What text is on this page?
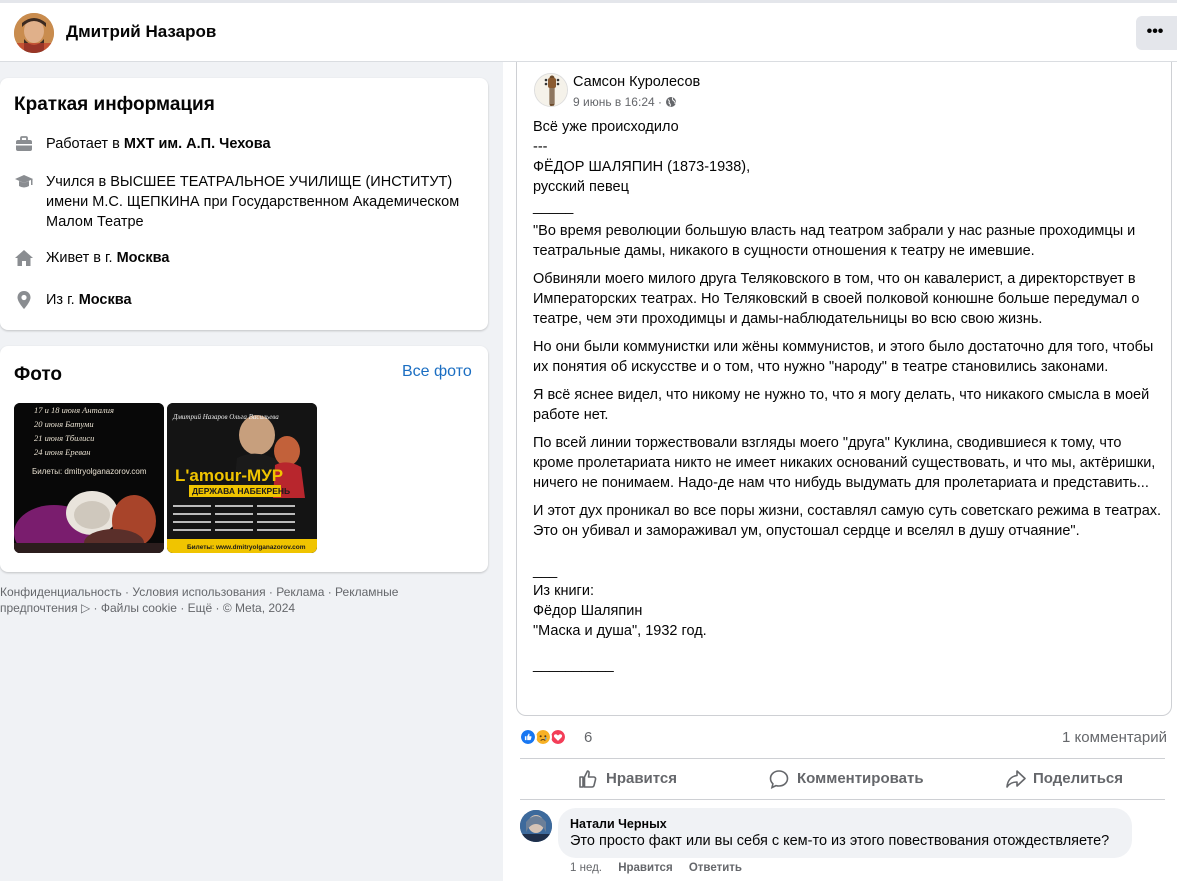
Дмитрий Назаров	•••
Краткая информация
Работает в МХТ им. А.П. Чехова
Учился в ВЫСШЕЕ ТЕАТРАЛЬНОЕ УЧИЛИЩЕ (ИНСТИТУТ) имени М.С. ЩЕПКИНА при Государственном Академическом Малом Театре
Живет в г. Москва
Из г. Москва
Фото	Все фото
17 и 18 июня Анталия
20 июня Батуми
21 июня Тбилиси
24 июня Ереван
Билеты: dmitryolganazorov.com
Дмитрий Назаров Ольга Васильева
L'amour-МУР
ДЕРЖАВА НАБЕКРЕНЬ
Билеты: www.dmitryolganazorov.com
Конфиденциальность · Условия использования · Реклама · Рекламные предпочтения ▷ · Файлы cookie · Ещё · © Meta, 2024
Самсон Куролесов
9 июнь в 16:24 ·

Всё уже происходило

---

ФЁДОР ШАЛЯПИН (1873-1938),

русский певец

_____

"Во время революции большую власть над театром забрали у нас разные проходимцы и театральные дамы, никакого в сущности отношения к театру не имевшие.

Обвиняли моего милого друга Теляковского в том, что он кавалерист, а директорствует в Императорских театрах. Но Теляковский в своей полковой конюшне больше передумал о театре, чем эти проходимцы и дамы-наблюдательницы во всю свою жизнь.

Но они были коммунистки или жёны коммунистов, и этого было достаточно для того, чтобы их понятия об искусстве и о том, что нужно "народу" в театре становились законами.

Я всё яснее видел, что никому не нужно то, что я могу делать, что никакого смысла в моей работе нет.

По всей линии торжествовали взгляды моего "друга" Куклина, сводившиеся к тому, что кроме пролетариата никто не имеет никаких оснований существовать, и что мы, актёришки, ничего не понимаем. Надо-де нам что нибудь выдумать для пролетариата и представить...

И этот дух проникал во все поры жизни, составлял самую суть советскаго режима в театрах. Это он убивал и замораживал ум, опустошал сердце и вселял в душу отчаяние".

___

Из книги:

Фёдор Шаляпин

"Маска и душа", 1932 год.

__________

6	1 комментарий
Нравится	Комментировать	Поделиться
Натали Черных
Это просто факт или вы себя с кем-то из этого повествования отождествляете?
1 нед. Нравится Ответить
